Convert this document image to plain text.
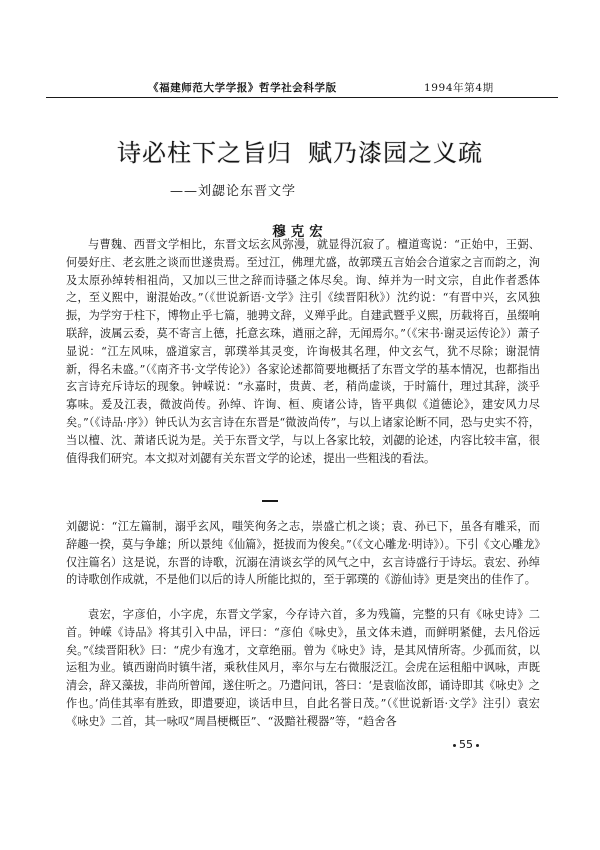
《福建师范大学学报》哲学社会科学版	1994年第4期
诗必柱下之旨归 赋乃漆园之义疏
——刘勰论东晋文学
穆克宏

与曹魏、西晋文学相比，东晋文坛玄风弥漫，就显得沉寂了。檀道鸾说：“正始中，王弼、何晏好庄、老玄胜之谈而世遂贵焉。至过江，佛理尤盛，故郭璞五言始会合道家之言而韵之，洵及太原孙绰转相祖尚，又加以三世之辞而诗骚之体尽矣。询、绰并为一时文宗，自此作者悉体之，至义熙中，谢混始改。”（《世说新语·文学》注引《续晋阳秋》）沈约说：“有晋中兴，玄风独振，为学穷于柱下，博物止乎七篇，驰骋文辞，义殚乎此。自建武暨乎义熙，历载将百，虽缀响联辞，波属云委，莫不寄言上德，托意玄珠，遒丽之辞，无闻焉尔。”（《宋书·谢灵运传论》）萧子显说：“江左风味，盛道家言，郭璞举其灵变，许询极其名理，仲文玄气，犹不尽除；谢混情新，得名未盛。”（《南齐书·文学传论》）各家论述都简要地概括了东晋文学的基本情况，也都指出玄言诗充斥诗坛的现象。钟嵘说：“永嘉时，贵黄、老，稍尚虚谈，于时篇什，理过其辞，淡乎寡味。爰及江表，微波尚传。孙绰、许询、桓、庾诸公诗，皆平典似《道德论》，建安风力尽矣。”（《诗品·序》）钟氏认为玄言诗在东晋是“微波尚传”，与以上诸家论断不同，恐与史实不符，当以檀、沈、萧诸氏说为是。关于东晋文学，与以上各家比较，刘勰的论述，内容比较丰富，很值得我们研究。本文拟对刘勰有关东晋文学的论述，提出一些粗浅的看法。

刘勰说：“江左篇制，溺乎玄风，嗤笑徇务之志，崇盛亡机之谈；袁、孙已下，虽各有雕采，而辞趣一揆，莫与争雄；所以景纯《仙篇》，挺拔而为俊矣。”（《文心雕龙·明诗》）。下引《文心雕龙》仅注篇名）这是说，东晋的诗歌，沉溺在清谈玄学的风气之中，玄言诗盛行于诗坛。袁宏、孙绰的诗歌创作成就，不是他们以后的诗人所能比拟的，至于郭璞的《游仙诗》更是突出的佳作了。

袁宏，字彦伯，小字虎，东晋文学家，今存诗六首，多为残篇，完整的只有《咏史诗》二首。钟嵘《诗品》将其引入中品，评曰：“彦伯《咏史》，虽文体未遒，而鲜明紧健，去凡俗远矣。”《续晋阳秋》曰：“虎少有逸才，文章绝丽。曾为《咏史》诗，是其风情所寄。少孤而贫，以运租为业。镇西谢尚时镇牛渚，乘秋佳风月，率尔与左右微服泛江。会虎在运租船中讽咏，声既清会，辞又藻拔，非尚所曾闻，遂住听之。乃遣问讯，答曰：‘是袁临汝郎，诵诗即其《咏史》之作也。’尚佳其率有胜致，即遣要迎，谈话申旦，自此名誉日茂。”（《世说新语·文学》注引）袁宏《咏史》二首，其一咏叹“周昌梗概臣”、“汲黯社稷器”等，“趋舍各

55
